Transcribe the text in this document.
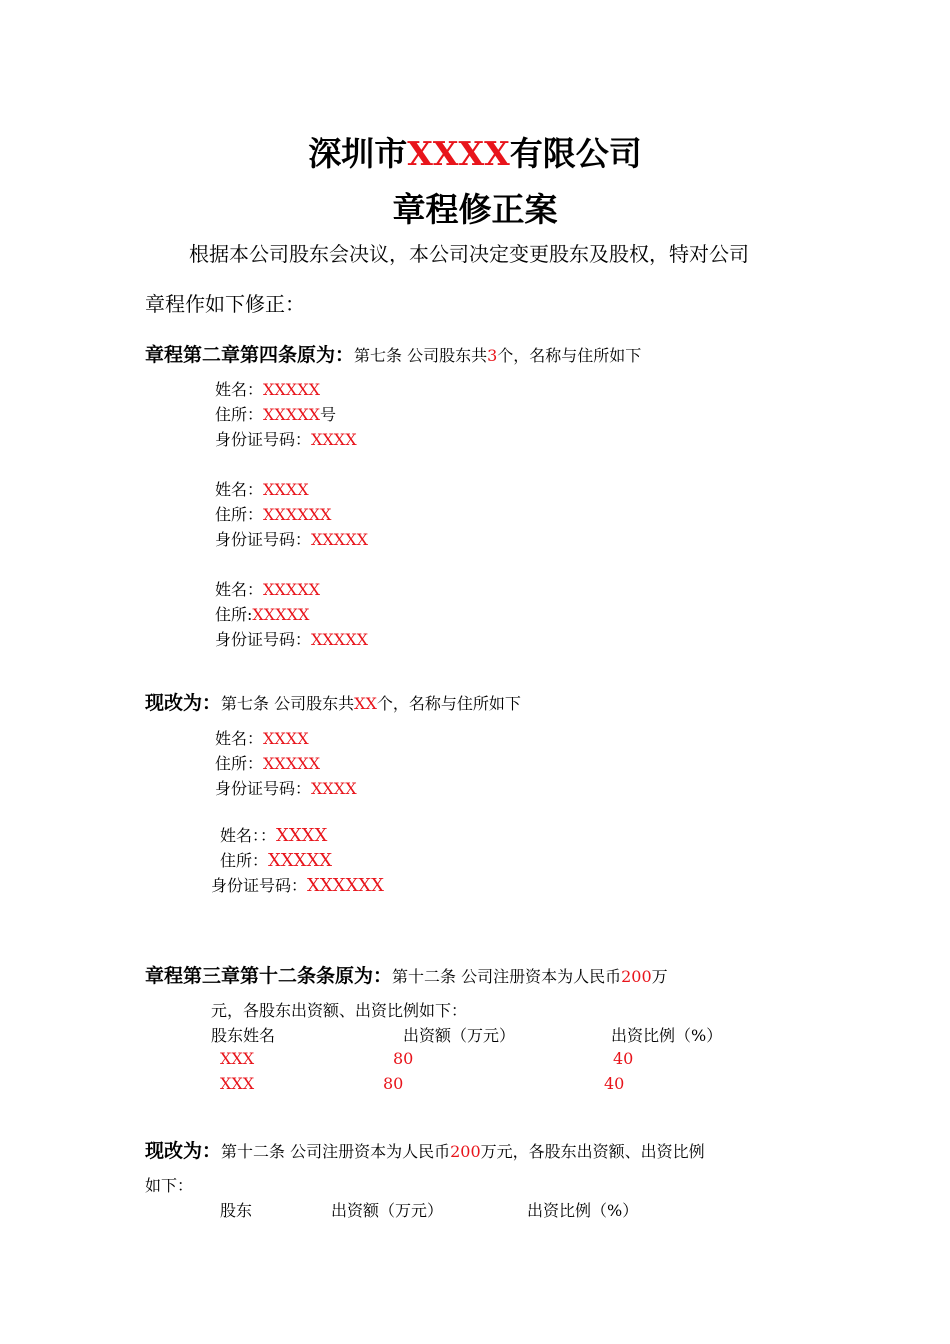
深圳市XXXX有限公司
章程修正案
根据本公司股东会决议，本公司决定变更股东及股权，特对公司
章程作如下修正：
章程第二章第四条原为：第七条 公司股东共3个，名称与住所如下
姓名：XXXXX
住所：XXXXX号
身份证号码：XXXX
姓名：XXXX
住所：XXXXXX
身份证号码：XXXXX
姓名：XXXXX
住所:XXXXX
身份证号码：XXXXX
现改为：第七条 公司股东共XX个，名称与住所如下
姓名：XXXX
住所：XXXXX
身份证号码：XXXX
姓名：：XXXX
住所：XXXXX
身份证号码：XXXXXX
章程第三章第十二条条原为：第十二条 公司注册资本为人民币200万
元，各股东出资额、出资比例如下：
股东姓名	出资额（万元）	出资比例（%）
XXX	80	40
XXX	80	40
现改为：第十二条 公司注册资本为人民币200万元，各股东出资额、出资比例
如下：
股东	出资额（万元）	出资比例（%）
